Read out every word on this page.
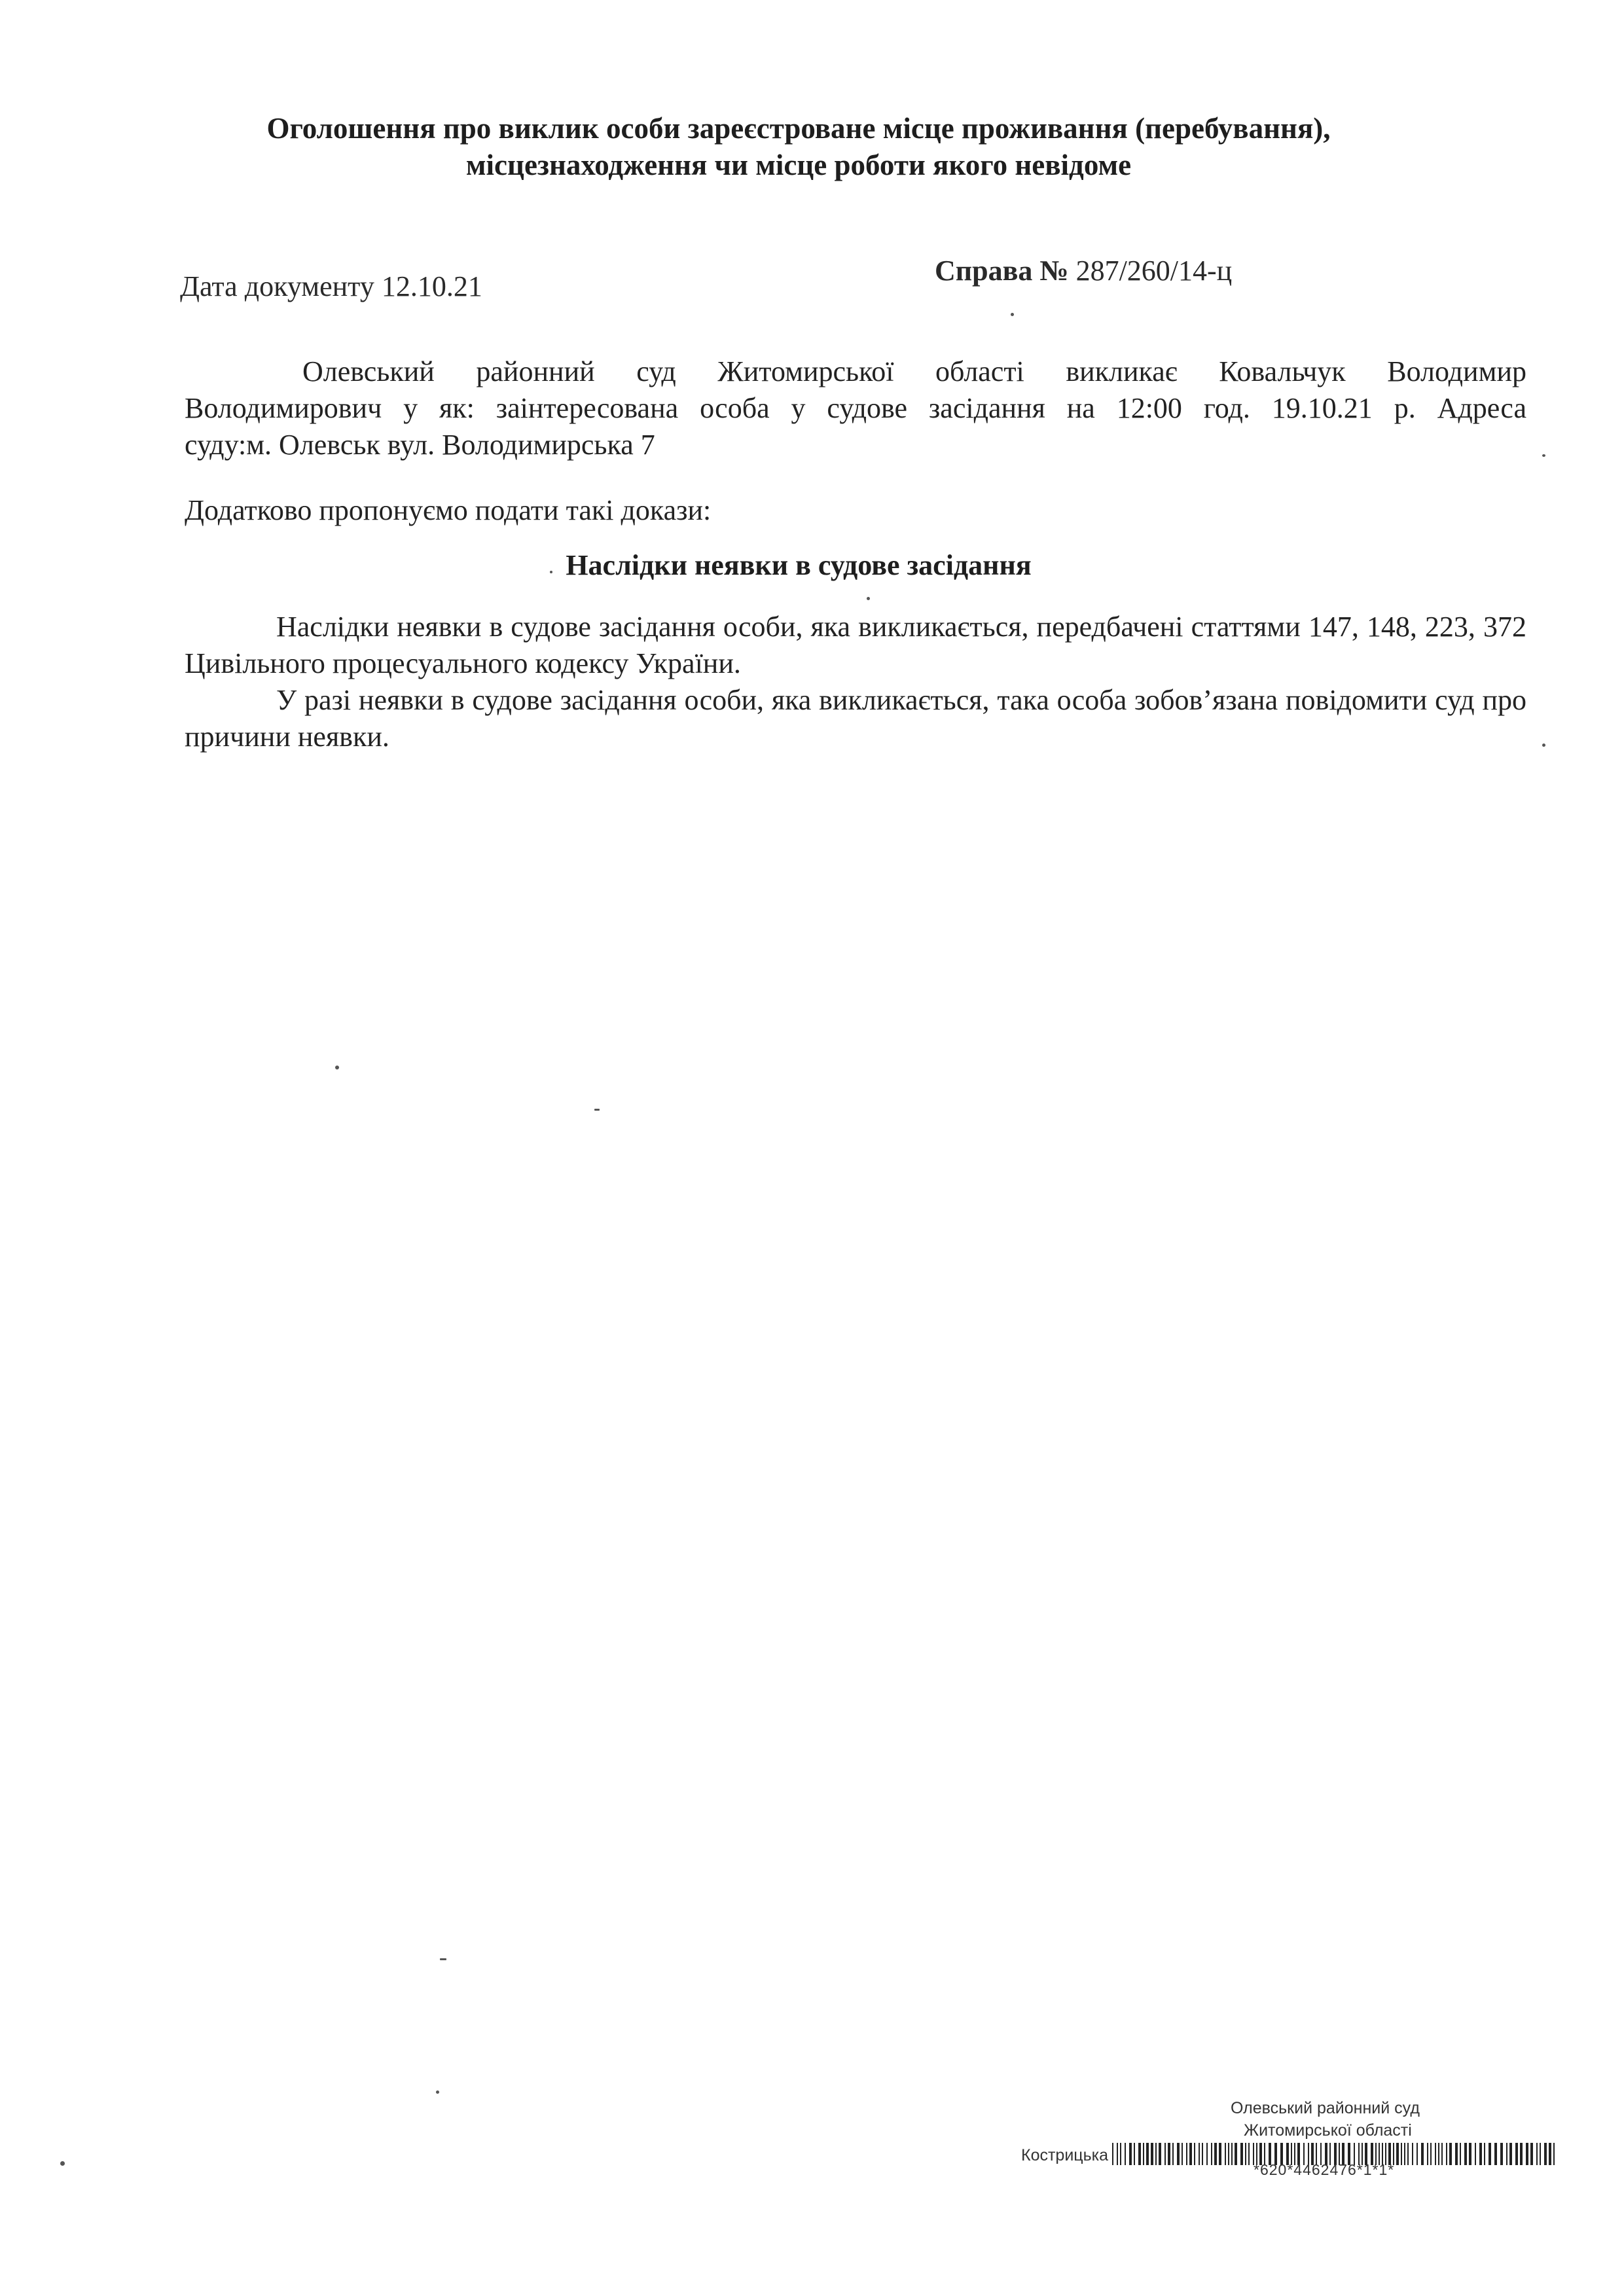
Оголошення про виклик особи зареєстроване місце проживання (перебування),
місцезнаходження чи місце роботи якого невідоме
Дата документу 12.10.21	Справа № 287/260/14-ц
Олевський районний суд Житомирської області викликає Ковальчук Володимир
Володимирович у як: заінтересована особа у судове засідання на 12:00 год. 19.10.21 р. Адреса
суду:м. Олевськ вул. Володимирська 7
Додатково пропонуємо подати такі докази:
Наслідки неявки в судове засідання

Наслідки неявки в судове засідання особи, яка викликається, передбачені статтями 147, 148, 223, 372 Цивільного процесуального кодексу України.

У разі неявки в судове засідання особи, яка викликається, така особа зобов’язана повідомити суд про причини неявки.

Олевський районний суд
Житомирської області
Кострицька
*620*4462476*1*1*
